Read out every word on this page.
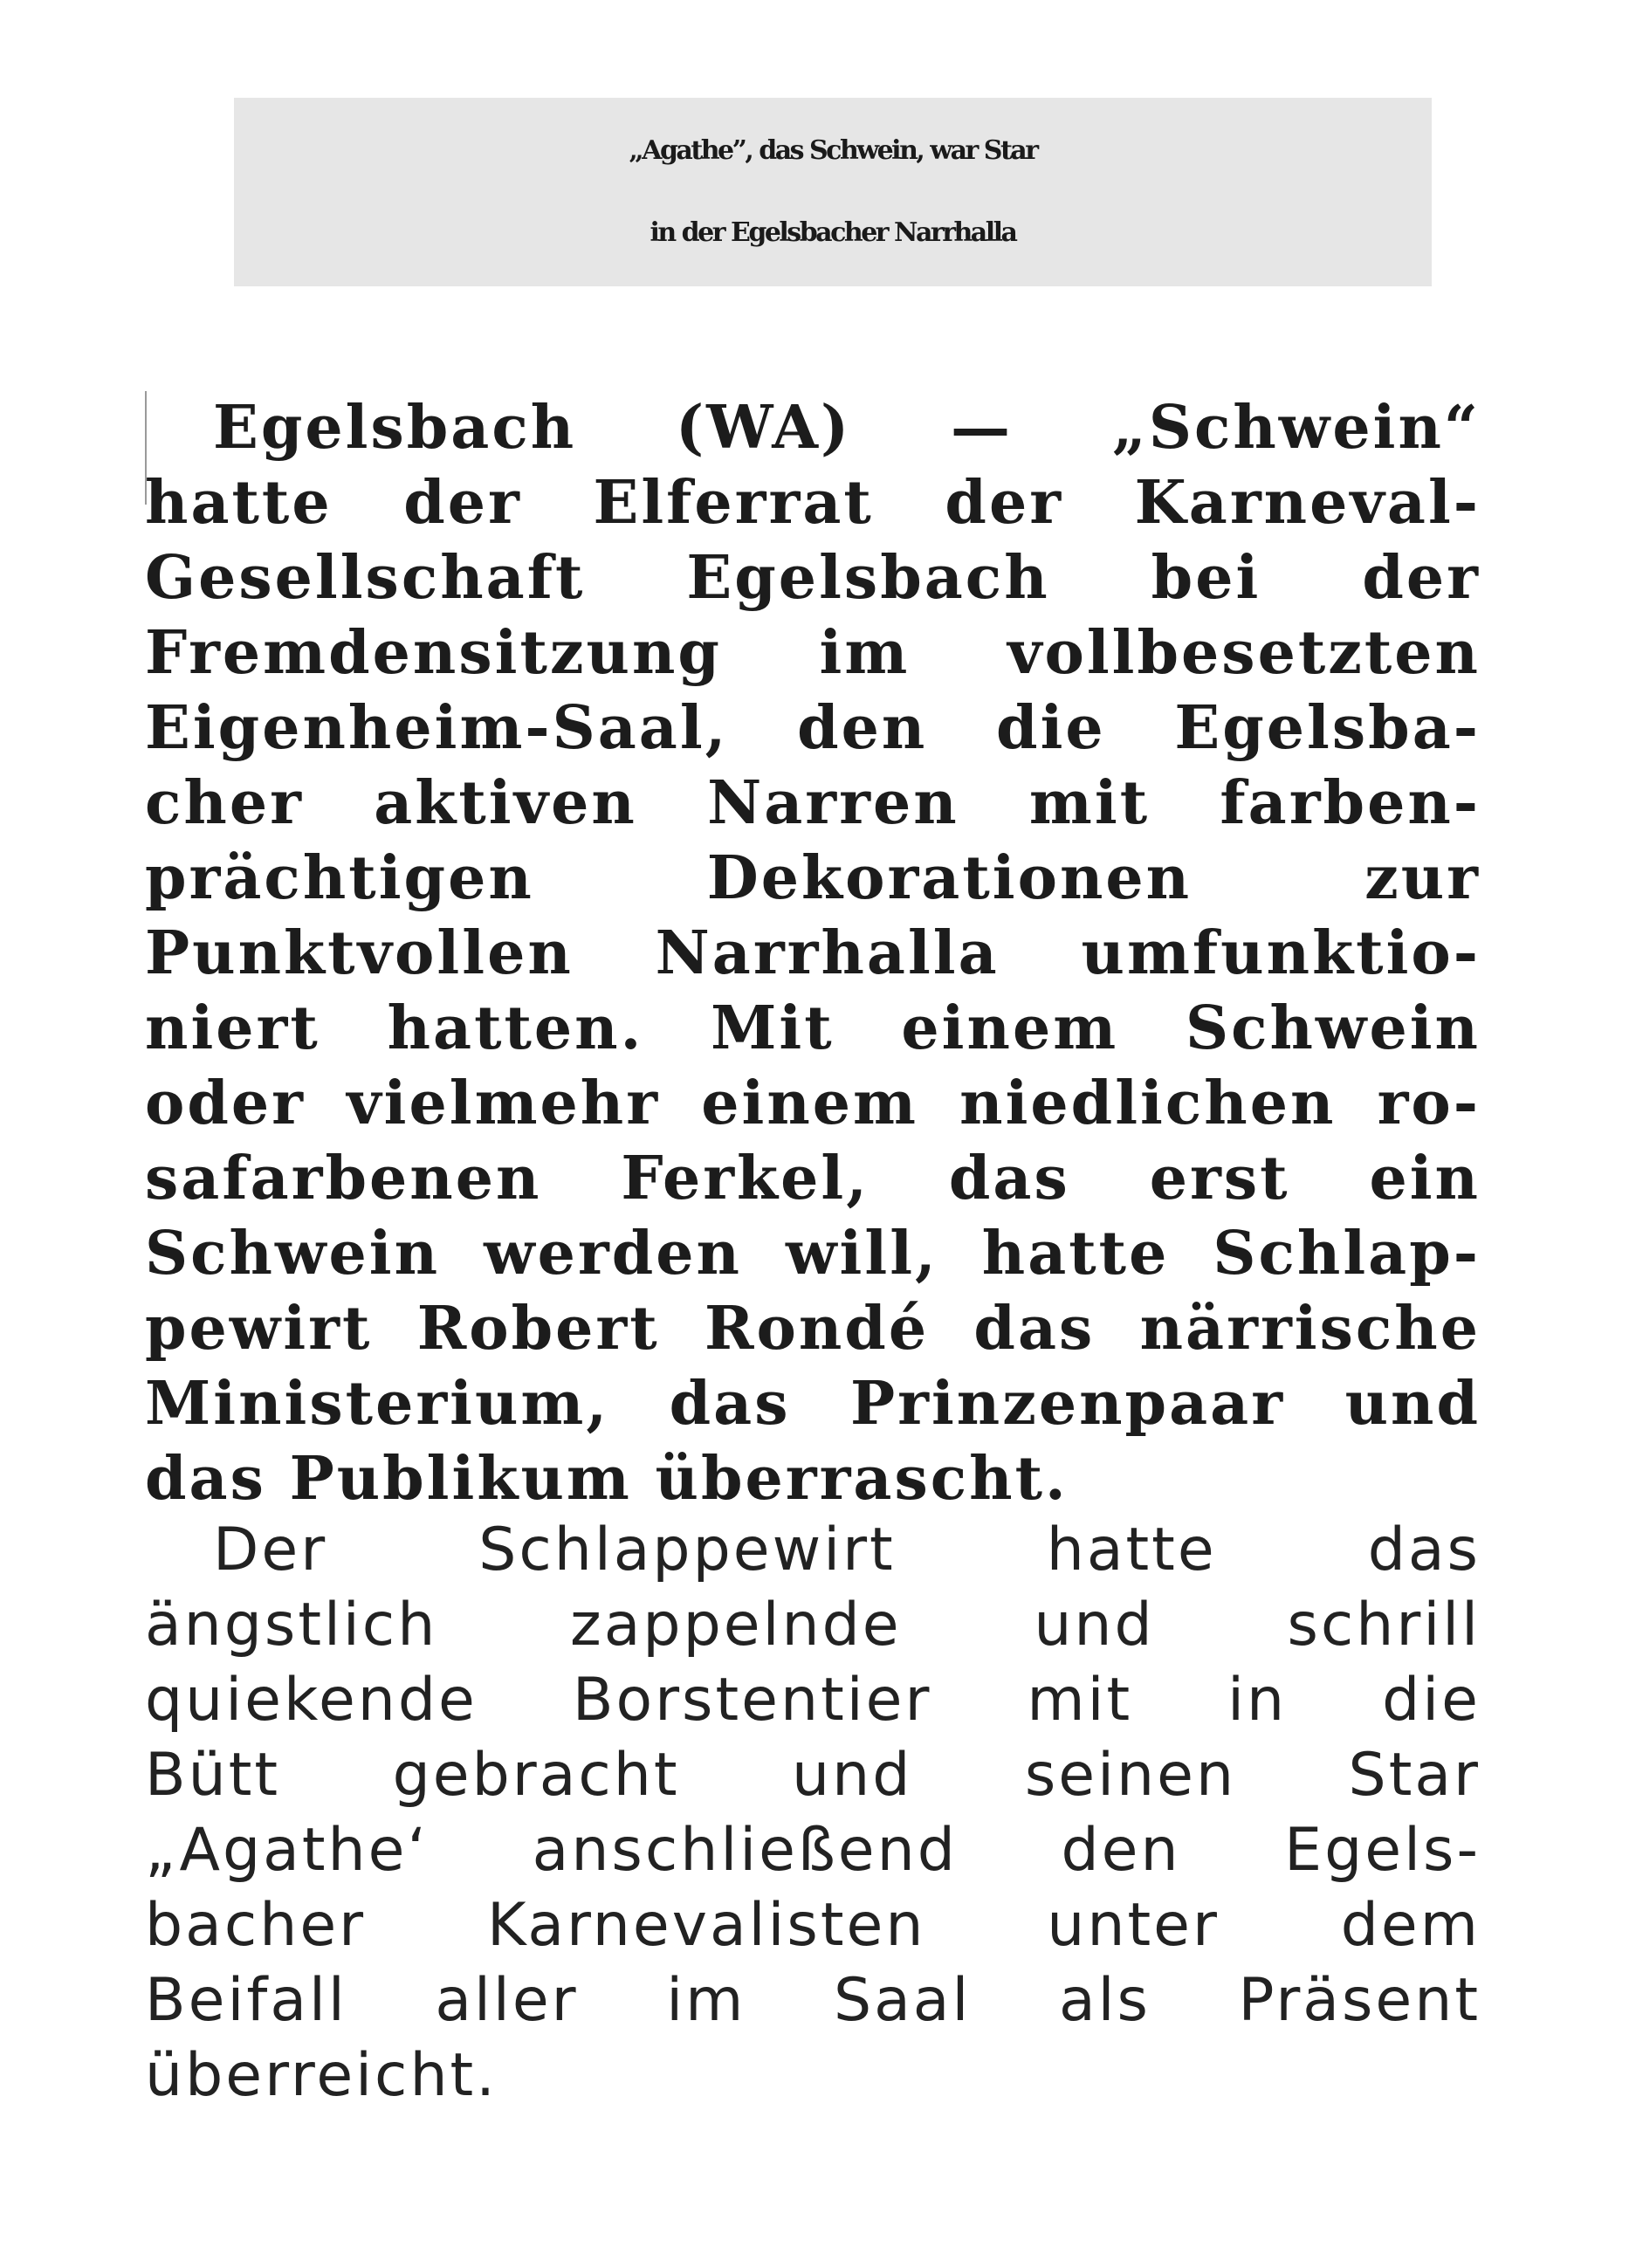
„Agathe”, das Schwein, war Star
in der Egelsbacher Narrhalla
Egelsbach (WA) — „Schwein“
hatte der Elferrat der Karneval-
Gesellschaft Egelsbach bei der
Fremdensitzung im vollbesetzten
Eigenheim-Saal, den die Egelsba-
cher aktiven Narren mit farben-
prächtigen Dekorationen zur
Punktvollen Narrhalla umfunktio-
niert hatten. Mit einem Schwein
oder vielmehr einem niedlichen ro-
safarbenen Ferkel, das erst ein
Schwein werden will, hatte Schlap-
pewirt Robert Rondé das närrische
Ministerium, das Prinzenpaar und
das Publikum überrascht.
Der Schlappewirt hatte das
ängstlich zappelnde und schrill
quiekende Borstentier mit in die
Bütt gebracht und seinen Star
„Agathe‘ anschließend den Egels-
bacher Karnevalisten unter dem
Beifall aller im Saal als Präsent
überreicht.
